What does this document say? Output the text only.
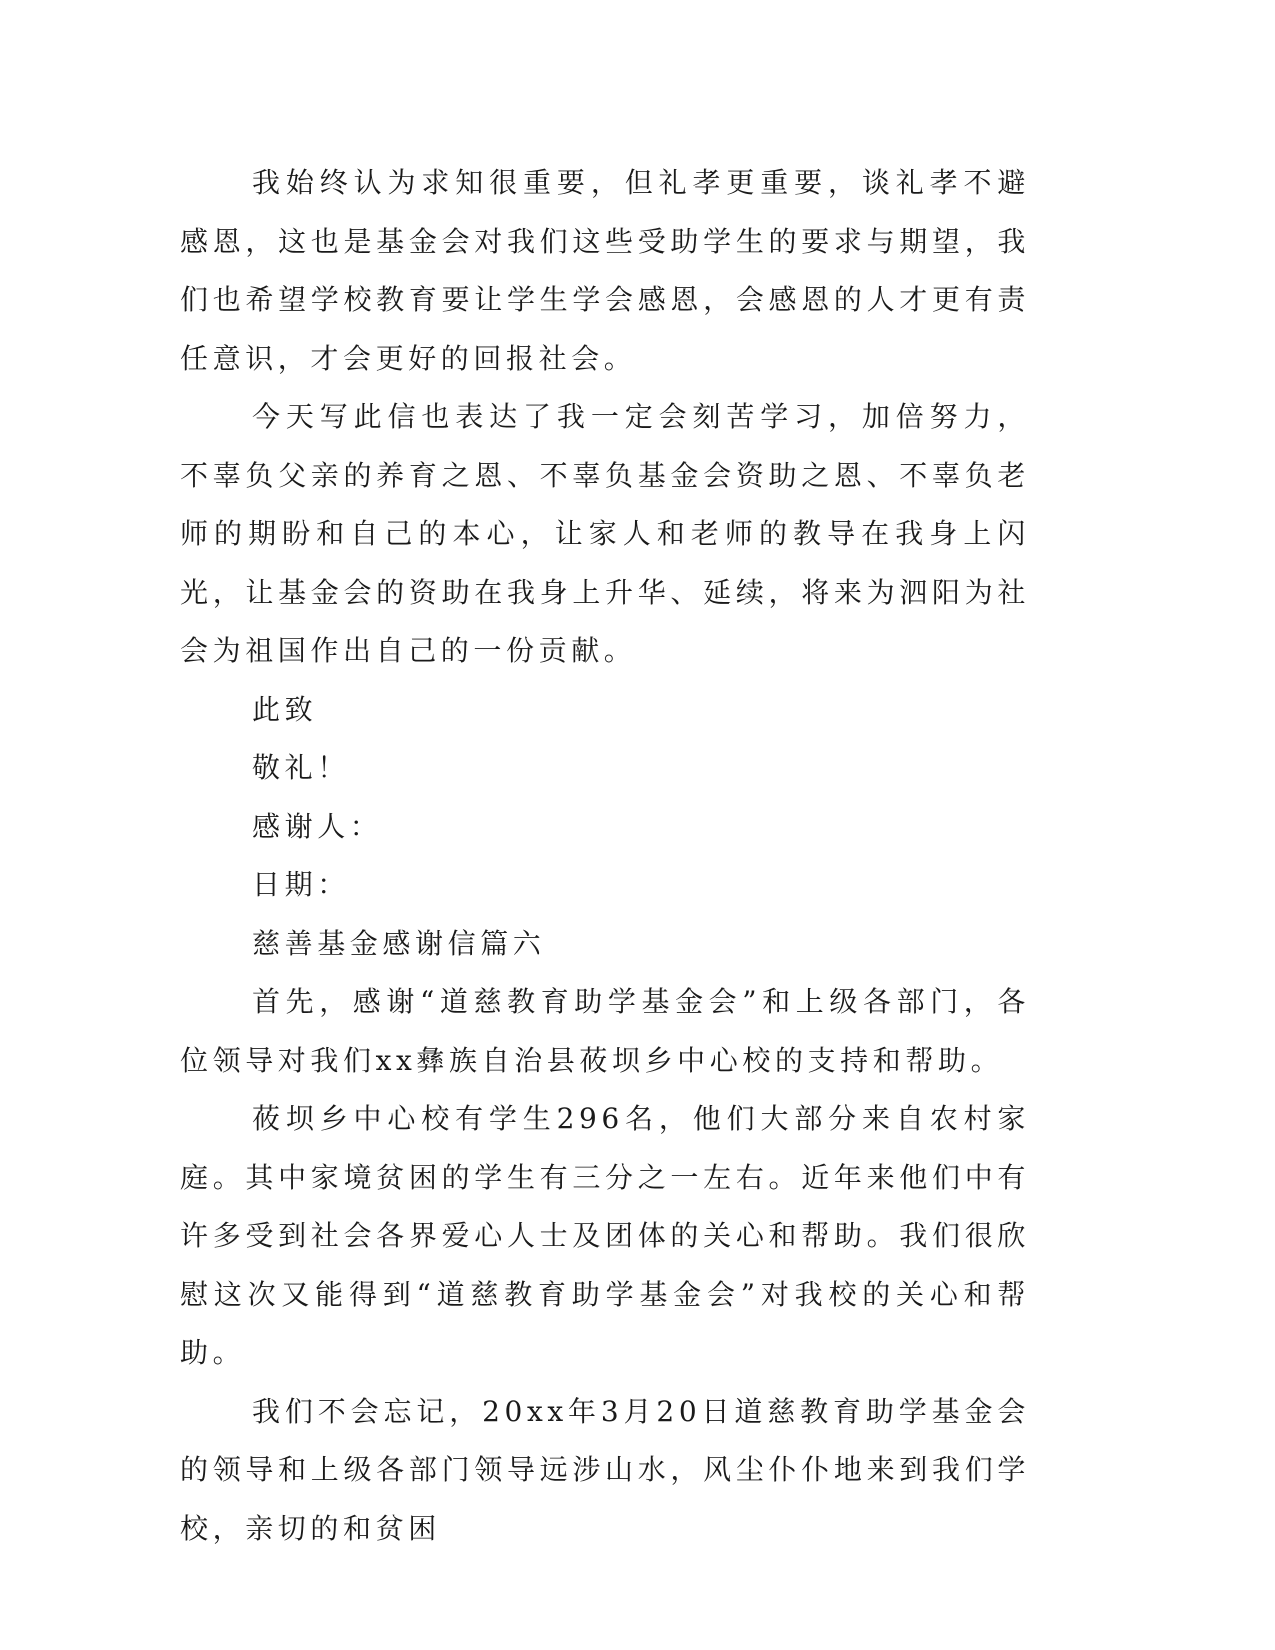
我始终认为求知很重要，但礼孝更重要，谈礼孝不避感恩，这也是基金会对我们这些受助学生的要求与期望，我们也希望学校教育要让学生学会感恩，会感恩的人才更有责任意识，才会更好的回报社会。

今天写此信也表达了我一定会刻苦学习，加倍努力，不辜负父亲的养育之恩、不辜负基金会资助之恩、不辜负老师的期盼和自己的本心，让家人和老师的教导在我身上闪光，让基金会的资助在我身上升华、延续，将来为泗阳为社会为祖国作出自己的一份贡献。

此致

敬礼！

感谢人：

日期：

慈善基金感谢信篇六

首先，感谢“道慈教育助学基金会”和上级各部门，各位领导对我们xx彝族自治县莜坝乡中心校的支持和帮助。

莜坝乡中心校有学生296名，他们大部分来自农村家庭。其中家境贫困的学生有三分之一左右。近年来他们中有许多受到社会各界爱心人士及团体的关心和帮助。我们很欣慰这次又能得到“道慈教育助学基金会”对我校的关心和帮助。

我们不会忘记，20xx年3月20日道慈教育助学基金会的领导和上级各部门领导远涉山水，风尘仆仆地来到我们学校，亲切的和贫困
